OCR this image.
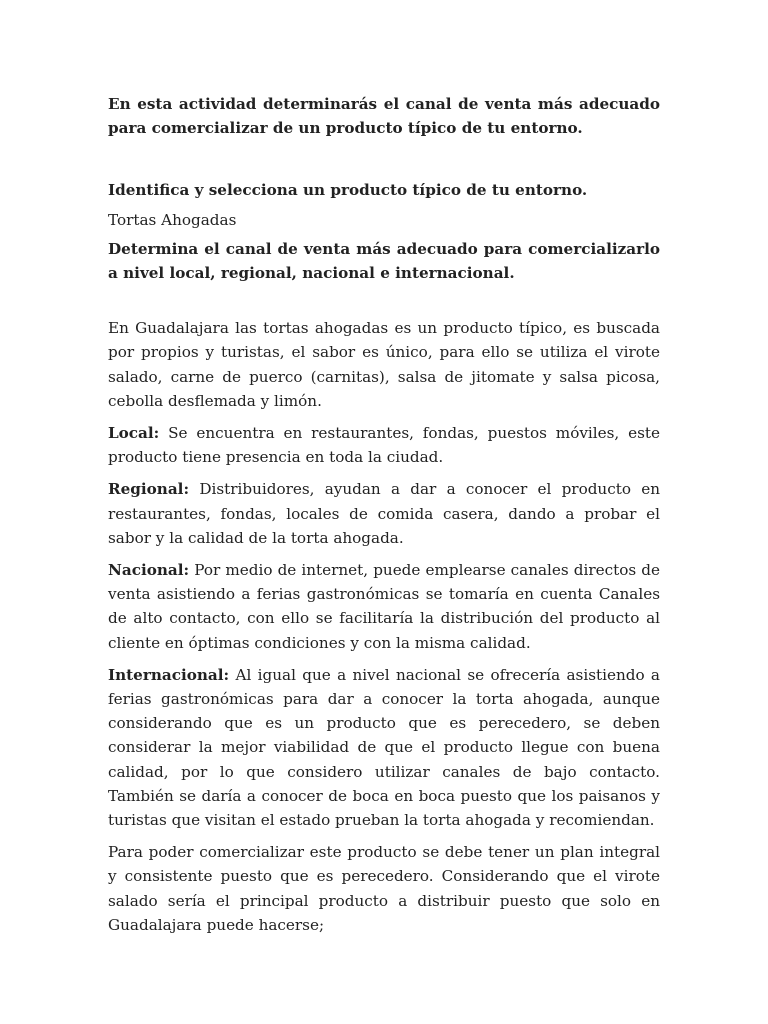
En esta actividad determinarás el canal de venta más adecuado para comercializar de un producto típico de tu entorno.

Identifica y selecciona un producto típico de tu entorno.

Tortas Ahogadas

Determina el canal de venta más adecuado para comercializarlo a nivel local, regional, nacional e internacional.

En Guadalajara las tortas ahogadas es un producto típico, es buscada por propios y turistas, el sabor es único, para ello se utiliza el virote salado, carne de puerco (carnitas), salsa de jitomate y salsa picosa, cebolla desflemada y limón.

Local: Se encuentra en restaurantes, fondas, puestos móviles, este producto tiene presencia en toda la ciudad.

Regional: Distribuidores, ayudan a dar a conocer el producto en restaurantes, fondas, locales de comida casera, dando a probar el sabor y la calidad de la torta ahogada.

Nacional: Por medio de internet, puede emplearse canales directos de venta asistiendo a ferias gastronómicas se tomaría en cuenta Canales de alto contacto, con ello se facilitaría la distribución del producto al cliente en óptimas condiciones y con la misma calidad.

Internacional: Al igual que a nivel nacional se ofrecería asistiendo a ferias gastronómicas para dar a conocer la torta ahogada, aunque considerando que es un producto que es perecedero, se deben considerar la mejor viabilidad de que el producto llegue con buena calidad, por lo que considero utilizar canales de bajo contacto. También se daría a conocer de boca en boca puesto que los paisanos y turistas que visitan el estado prueban la torta ahogada y recomiendan.

Para poder comercializar este producto se debe tener un plan integral y consistente puesto que es perecedero. Considerando que el virote salado sería el principal producto a distribuir puesto que solo en Guadalajara puede hacerse;
